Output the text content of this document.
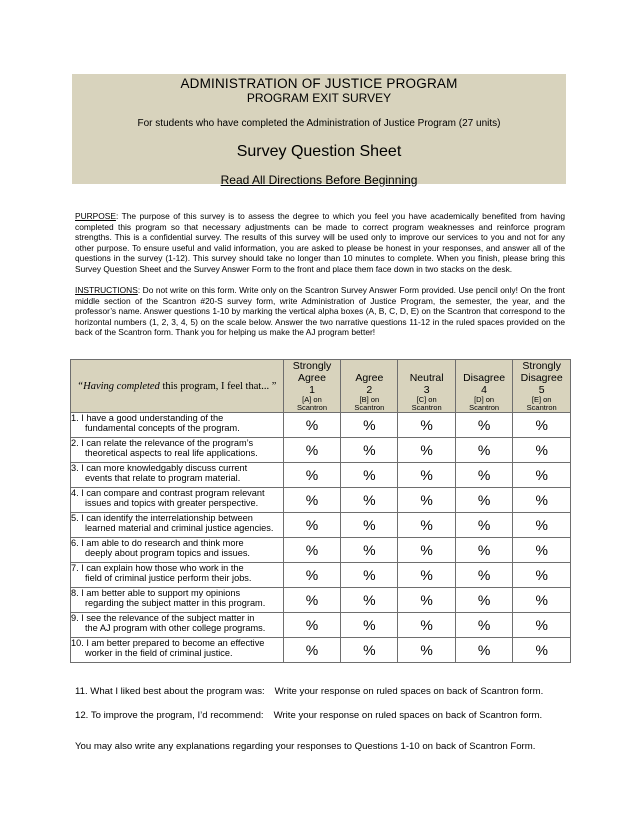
ADMINISTRATION OF JUSTICE PROGRAM
PROGRAM EXIT SURVEY
For students who have completed the Administration of Justice Program (27 units)
Survey Question Sheet
Read All Directions Before Beginning
PURPOSE: The purpose of this survey is to assess the degree to which you feel you have academically benefited from having completed this program so that necessary adjustments can be made to correct program weaknesses and reinforce program strengths. This is a confidential survey. The results of this survey will be used only to improve our services to you and not for any other purpose. To ensure useful and valid information, you are asked to please be honest in your responses, and answer all of the questions in the survey (1-12). This survey should take no longer than 10 minutes to complete. When you finish, please bring this Survey Question Sheet and the Survey Answer Form to the front and place them face down in two stacks on the desk.
INSTRUCTIONS: Do not write on this form. Write only on the Scantron Survey Answer Form provided. Use pencil only! On the front middle section of the Scantron #20-S survey form, write Administration of Justice Program, the semester, the year, and the professor’s name. Answer questions 1-10 by marking the vertical alpha boxes (A, B, C, D, E) on the Scantron that correspond to the horizontal numbers (1, 2, 3, 4, 5) on the scale below. Answer the two narrative questions 11-12 in the ruled spaces provided on the back of the Scantron form. Thank you for helping us make the AJ program better!
“Having completed this program, I feel that... ”	Strongly
Agree
1
[A] on
Scantron	Agree
2
[B] on
Scantron	Neutral
3
[C] on
Scantron	Disagree
4
[D] on
Scantron	Strongly
Disagree
5
[E] on
Scantron

1. I have a good understanding of the
fundamental concepts of the program.	%	%	%	%	%

2. I can relate the relevance of the program’s
theoretical aspects to real life applications.	%	%	%	%	%

3. I can more knowledgably discuss current
events that relate to program material.	%	%	%	%	%

4. I can compare and contrast program relevant
issues and topics with greater perspective.	%	%	%	%	%

5. I can identify the interrelationship between
learned material and criminal justice agencies.	%	%	%	%	%

6. I am able to do research and think more
deeply about program topics and issues.	%	%	%	%	%

7. I can explain how those who work in the
field of criminal justice perform their jobs.	%	%	%	%	%

8. I am better able to support my opinions
regarding the subject matter in this program.	%	%	%	%	%

9. I see the relevance of the subject matter in
the AJ program with other college programs.	%	%	%	%	%

10. I am better prepared to become an effective
worker in the field of criminal justice.	%	%	%	%	%
11. What I liked best about the program was: Write your response on ruled spaces on back of Scantron form.
12. To improve the program, I’d recommend: Write your response on ruled spaces on back of Scantron form.
You may also write any explanations regarding your responses to Questions 1-10 on back of Scantron Form.
